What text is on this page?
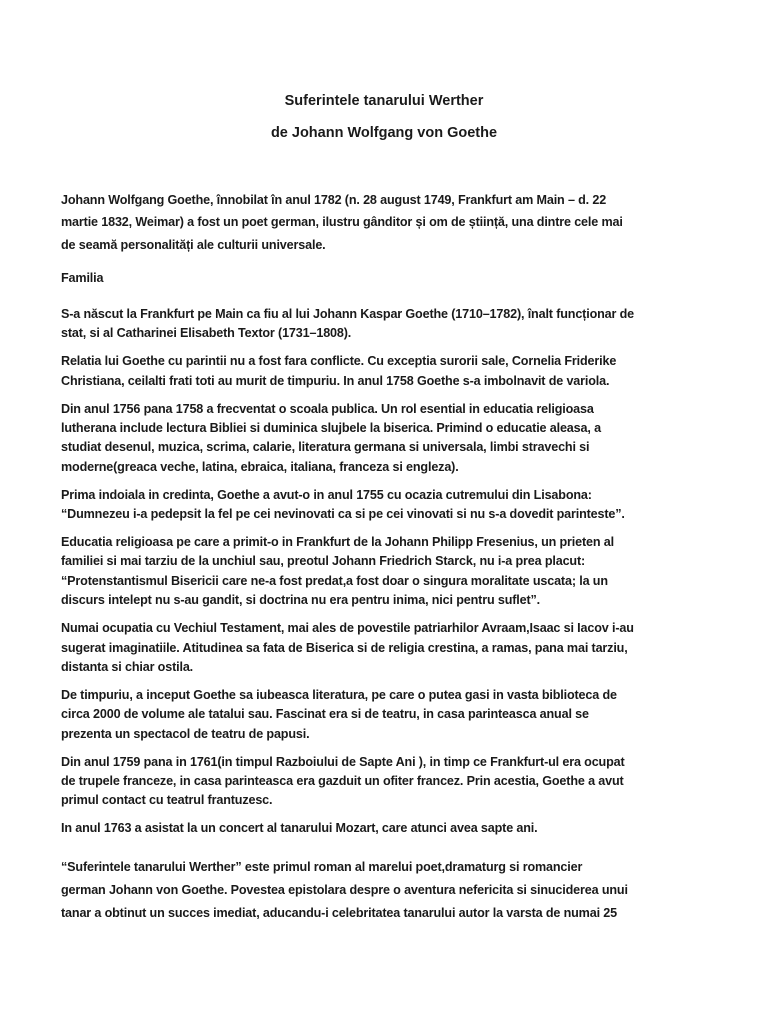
Suferintele tanarului Werther
de Johann Wolfgang von Goethe

Johann Wolfgang Goethe, înnobilat în anul 1782 (n. 28 august 1749, Frankfurt am Main – d. 22
martie 1832, Weimar) a fost un poet german, ilustru gânditor și om de știință, una dintre cele mai
de seamă personalități ale culturii universale.

Familia

S-a născut la Frankfurt pe Main ca fiu al lui Johann Kaspar Goethe (1710–1782), înalt funcționar de
stat, si al Catharinei Elisabeth Textor (1731–1808).

Relatia lui Goethe cu parintii nu a fost fara conflicte. Cu exceptia surorii sale, Cornelia Friderike
Christiana, ceilalti frati toti au murit de timpuriu. In anul 1758 Goethe s-a imbolnavit de variola.

Din anul 1756 pana 1758 a frecventat o scoala publica. Un rol esential in educatia religioasa
lutherana include lectura Bibliei si duminica slujbele la biserica. Primind o educatie aleasa, a
studiat desenul, muzica, scrima, calarie, literatura germana si universala, limbi stravechi si
moderne(greaca veche, latina, ebraica, italiana, franceza si engleza).

Prima indoiala in credinta, Goethe a avut-o in anul 1755 cu ocazia cutremului din Lisabona:
“Dumnezeu i-a pedepsit la fel pe cei nevinovati ca si pe cei vinovati si nu s-a dovedit parinteste”.

Educatia religioasa pe care a primit-o in Frankfurt de la Johann Philipp Fresenius, un prieten al
familiei si mai tarziu de la unchiul sau, preotul Johann Friedrich Starck, nu i-a prea placut:
“Protenstantismul Bisericii care ne-a fost predat,a fost doar o singura moralitate uscata; la un
discurs intelept nu s-au gandit, si doctrina nu era pentru inima, nici pentru suflet”.

Numai ocupatia cu Vechiul Testament, mai ales de povestile patriarhilor Avraam,Isaac si Iacov i-au
sugerat imaginatiile. Atitudinea sa fata de Biserica si de religia crestina, a ramas, pana mai tarziu,
distanta si chiar ostila.

De timpuriu, a inceput Goethe sa iubeasca literatura, pe care o putea gasi in vasta biblioteca de
circa 2000 de volume ale tatalui sau. Fascinat era si de teatru, in casa parinteasca anual se
prezenta un spectacol de teatru de papusi.

Din anul 1759 pana in 1761(in timpul Razboiului de Sapte Ani ), in timp ce Frankfurt-ul era ocupat
de trupele franceze, in casa parinteasca era gazduit un ofiter francez. Prin acestia, Goethe a avut
primul contact cu teatrul frantuzesc.

In anul 1763 a asistat la un concert al tanarului Mozart, care atunci avea sapte ani.

“Suferintele tanarului Werther” este primul roman al marelui poet,dramaturg si romancier
german Johann von Goethe. Povestea epistolara despre o aventura nefericita si sinuciderea unui
tanar a obtinut un succes imediat, aducandu-i celebritatea tanarului autor la varsta de numai 25
